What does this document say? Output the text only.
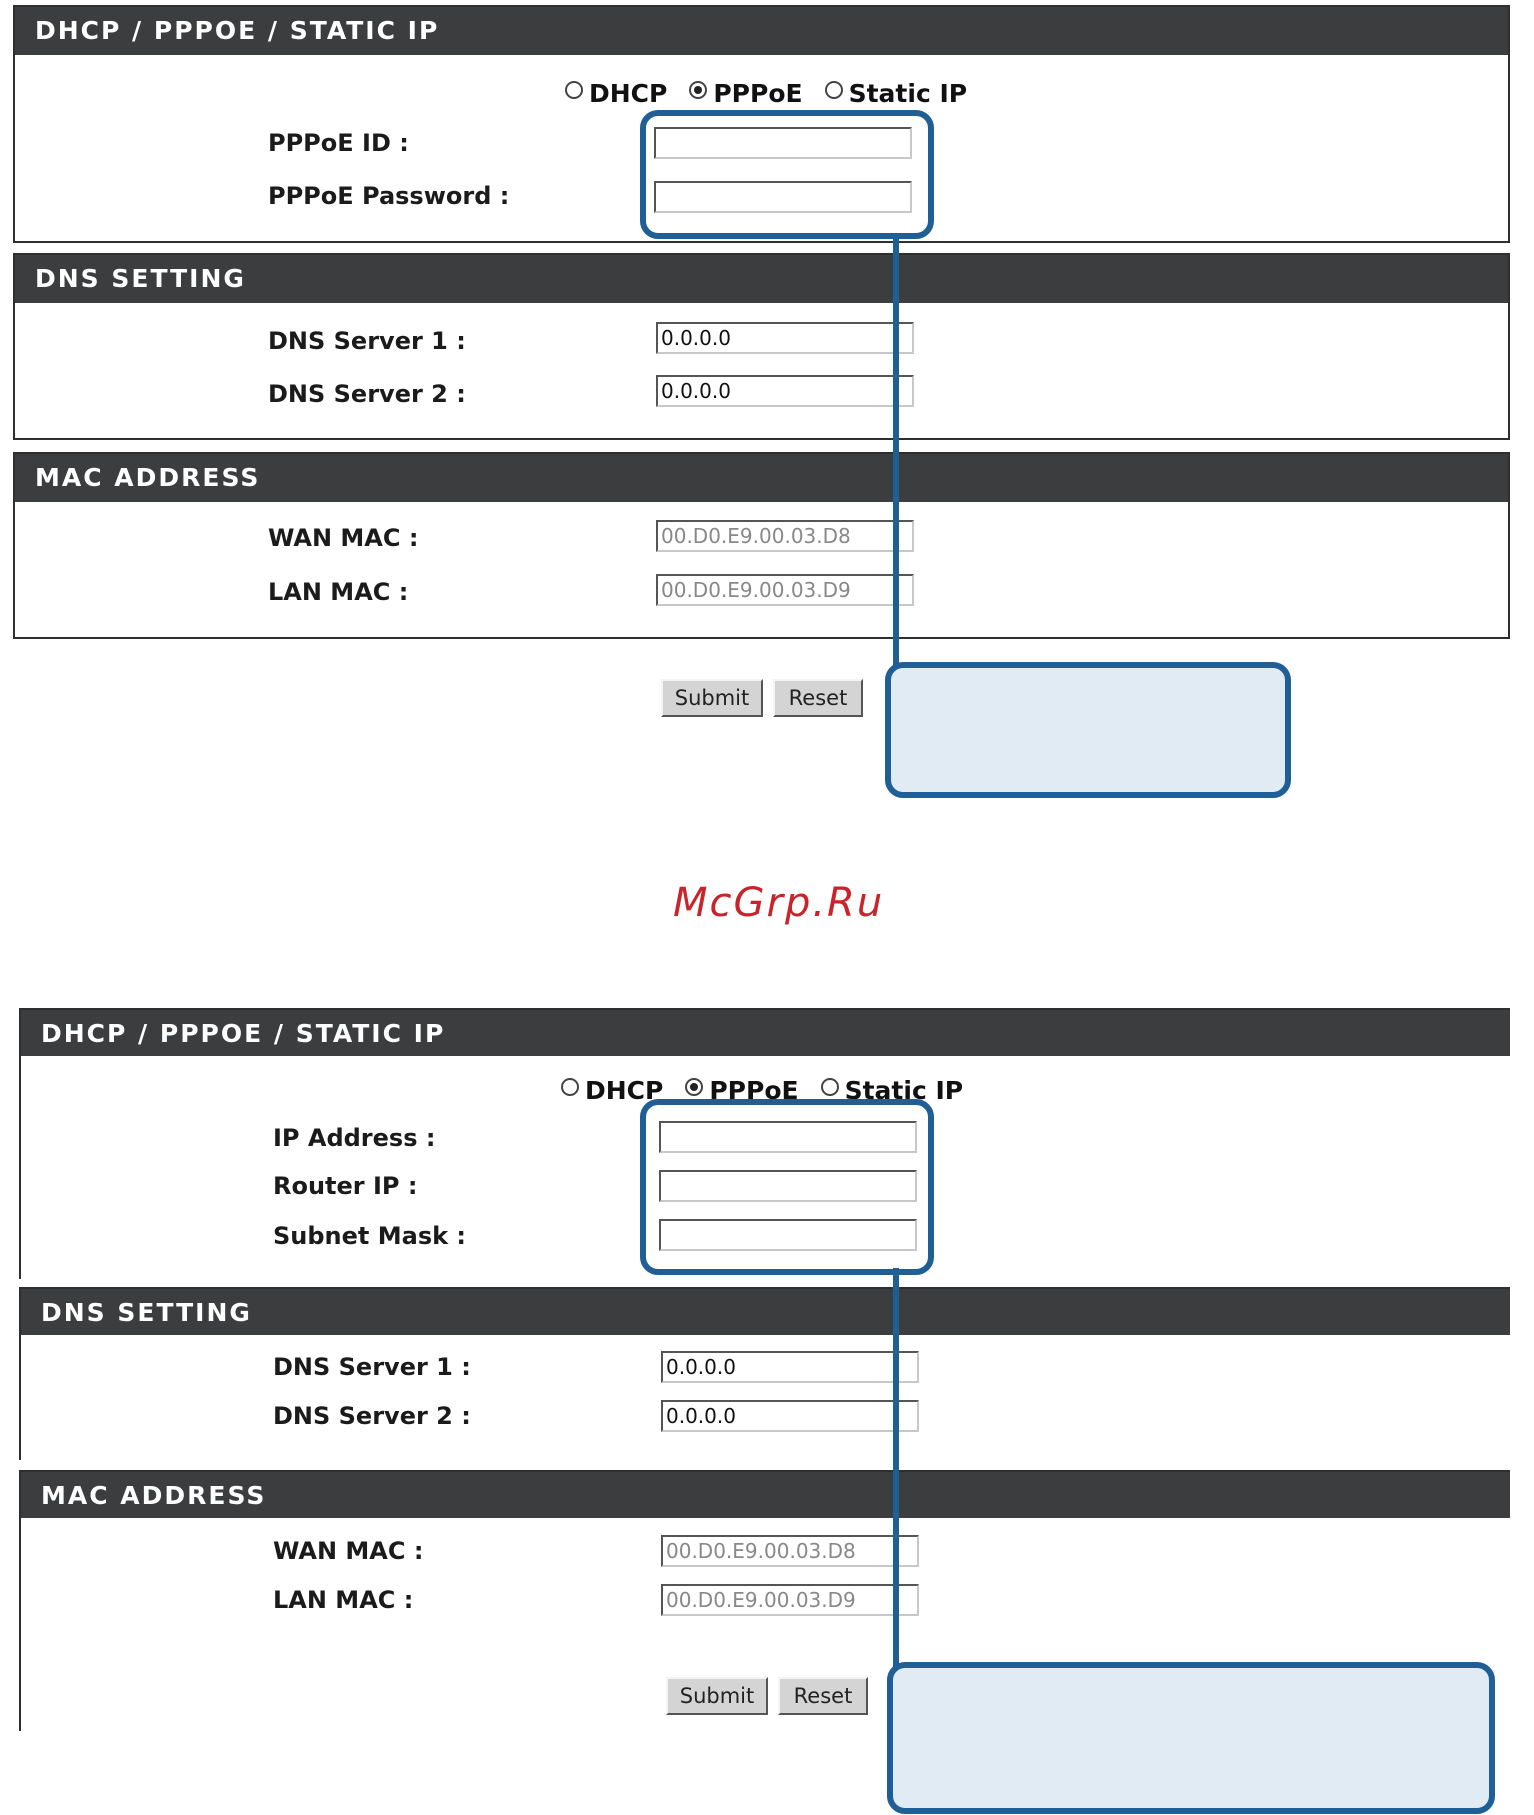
DHCP / PPPOE / STATIC IP
DHCP PPPoE Static IP
PPPoE ID :
PPPoE Password :
DNS SETTING
DNS Server 1 :
0.0.0.0
DNS Server 2 :
0.0.0.0
MAC ADDRESS
WAN MAC :
00.D0.E9.00.03.D8
LAN MAC :
00.D0.E9.00.03.D9
Submit	Reset
McGrp.Ru
DHCP / PPPOE / STATIC IP
DHCP PPPoE Static IP
IP Address :
Router IP :
Subnet Mask :
DNS SETTING
DNS Server 1 :
0.0.0.0
DNS Server 2 :
0.0.0.0
MAC ADDRESS
WAN MAC :
00.D0.E9.00.03.D8
LAN MAC :
00.D0.E9.00.03.D9
Submit	Reset
